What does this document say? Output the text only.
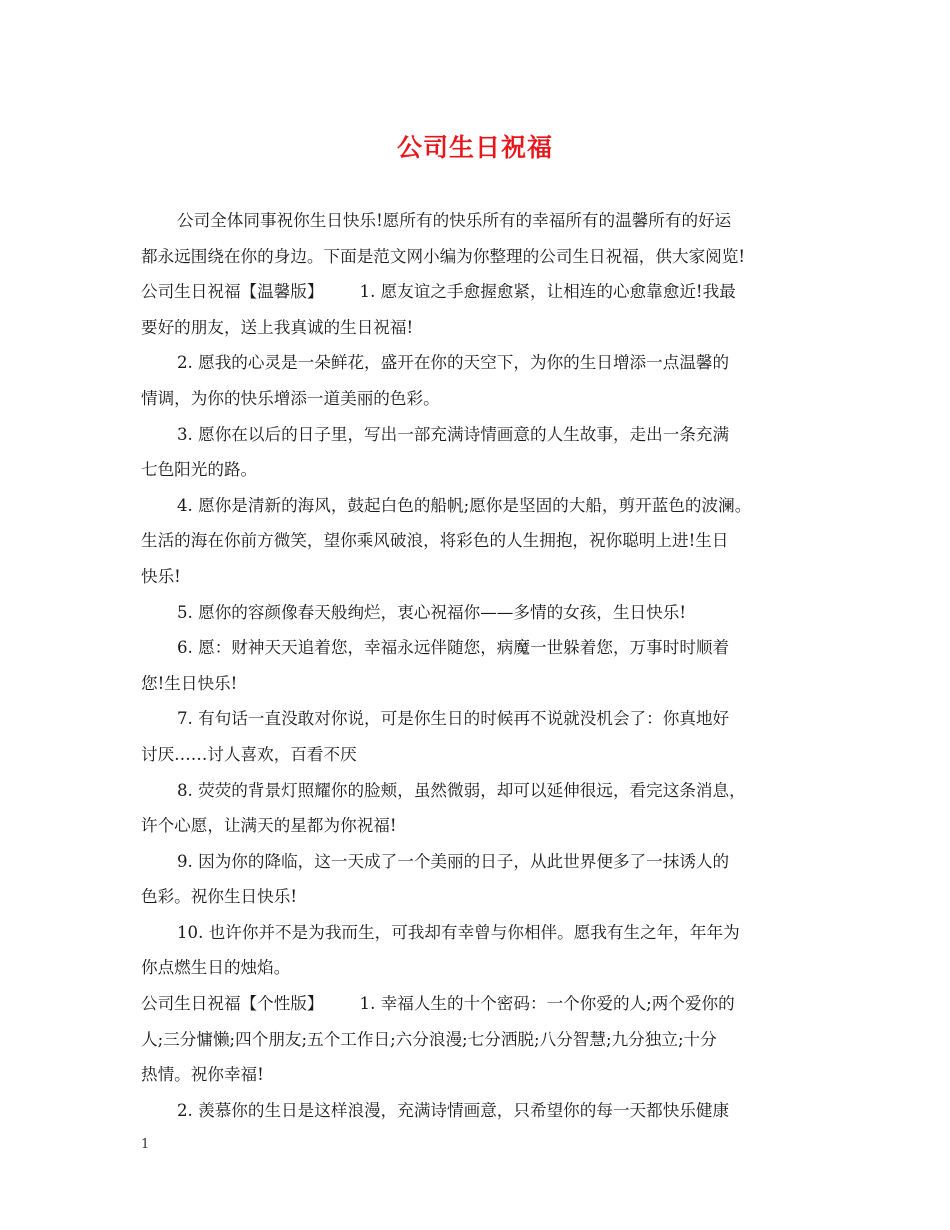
公司生日祝福
公司全体同事祝你生日快乐!愿所有的快乐所有的幸福所有的温馨所有的好运
都永远围绕在你的身边。下面是范文网小编为你整理的公司生日祝福，供大家阅览!
公司生日祝福【温馨版】 1. 愿友谊之手愈握愈紧，让相连的心愈靠愈近!我最
要好的朋友，送上我真诚的生日祝福!
2. 愿我的心灵是一朵鲜花，盛开在你的天空下，为你的生日增添一点温馨的
情调，为你的快乐增添一道美丽的色彩。
3. 愿你在以后的日子里，写出一部充满诗情画意的人生故事，走出一条充满
七色阳光的路。
4. 愿你是清新的海风，鼓起白色的船帆;愿你是坚固的大船，剪开蓝色的波澜。
生活的海在你前方微笑，望你乘风破浪，将彩色的人生拥抱，祝你聪明上进!生日
快乐!
5. 愿你的容颜像春天般绚烂，衷心祝福你——多情的女孩，生日快乐!
6. 愿：财神天天追着您，幸福永远伴随您，病魔一世躲着您，万事时时顺着
您!生日快乐!
7. 有句话一直没敢对你说，可是你生日的时候再不说就没机会了：你真地好
讨厌……讨人喜欢，百看不厌
8. 荧荧的背景灯照耀你的脸颊，虽然微弱，却可以延伸很远，看完这条消息，
许个心愿，让满天的星都为你祝福!
9. 因为你的降临，这一天成了一个美丽的日子，从此世界便多了一抹诱人的
色彩。祝你生日快乐!
10. 也许你并不是为我而生，可我却有幸曾与你相伴。愿我有生之年，年年为
你点燃生日的烛焰。
公司生日祝福【个性版】 1. 幸福人生的十个密码：一个你爱的人;两个爱你的
人;三分慵懒;四个朋友;五个工作日;六分浪漫;七分洒脱;八分智慧;九分独立;十分
热情。祝你幸福!
2. 羡慕你的生日是这样浪漫，充满诗情画意，只希望你的每一天都快乐健康
1
